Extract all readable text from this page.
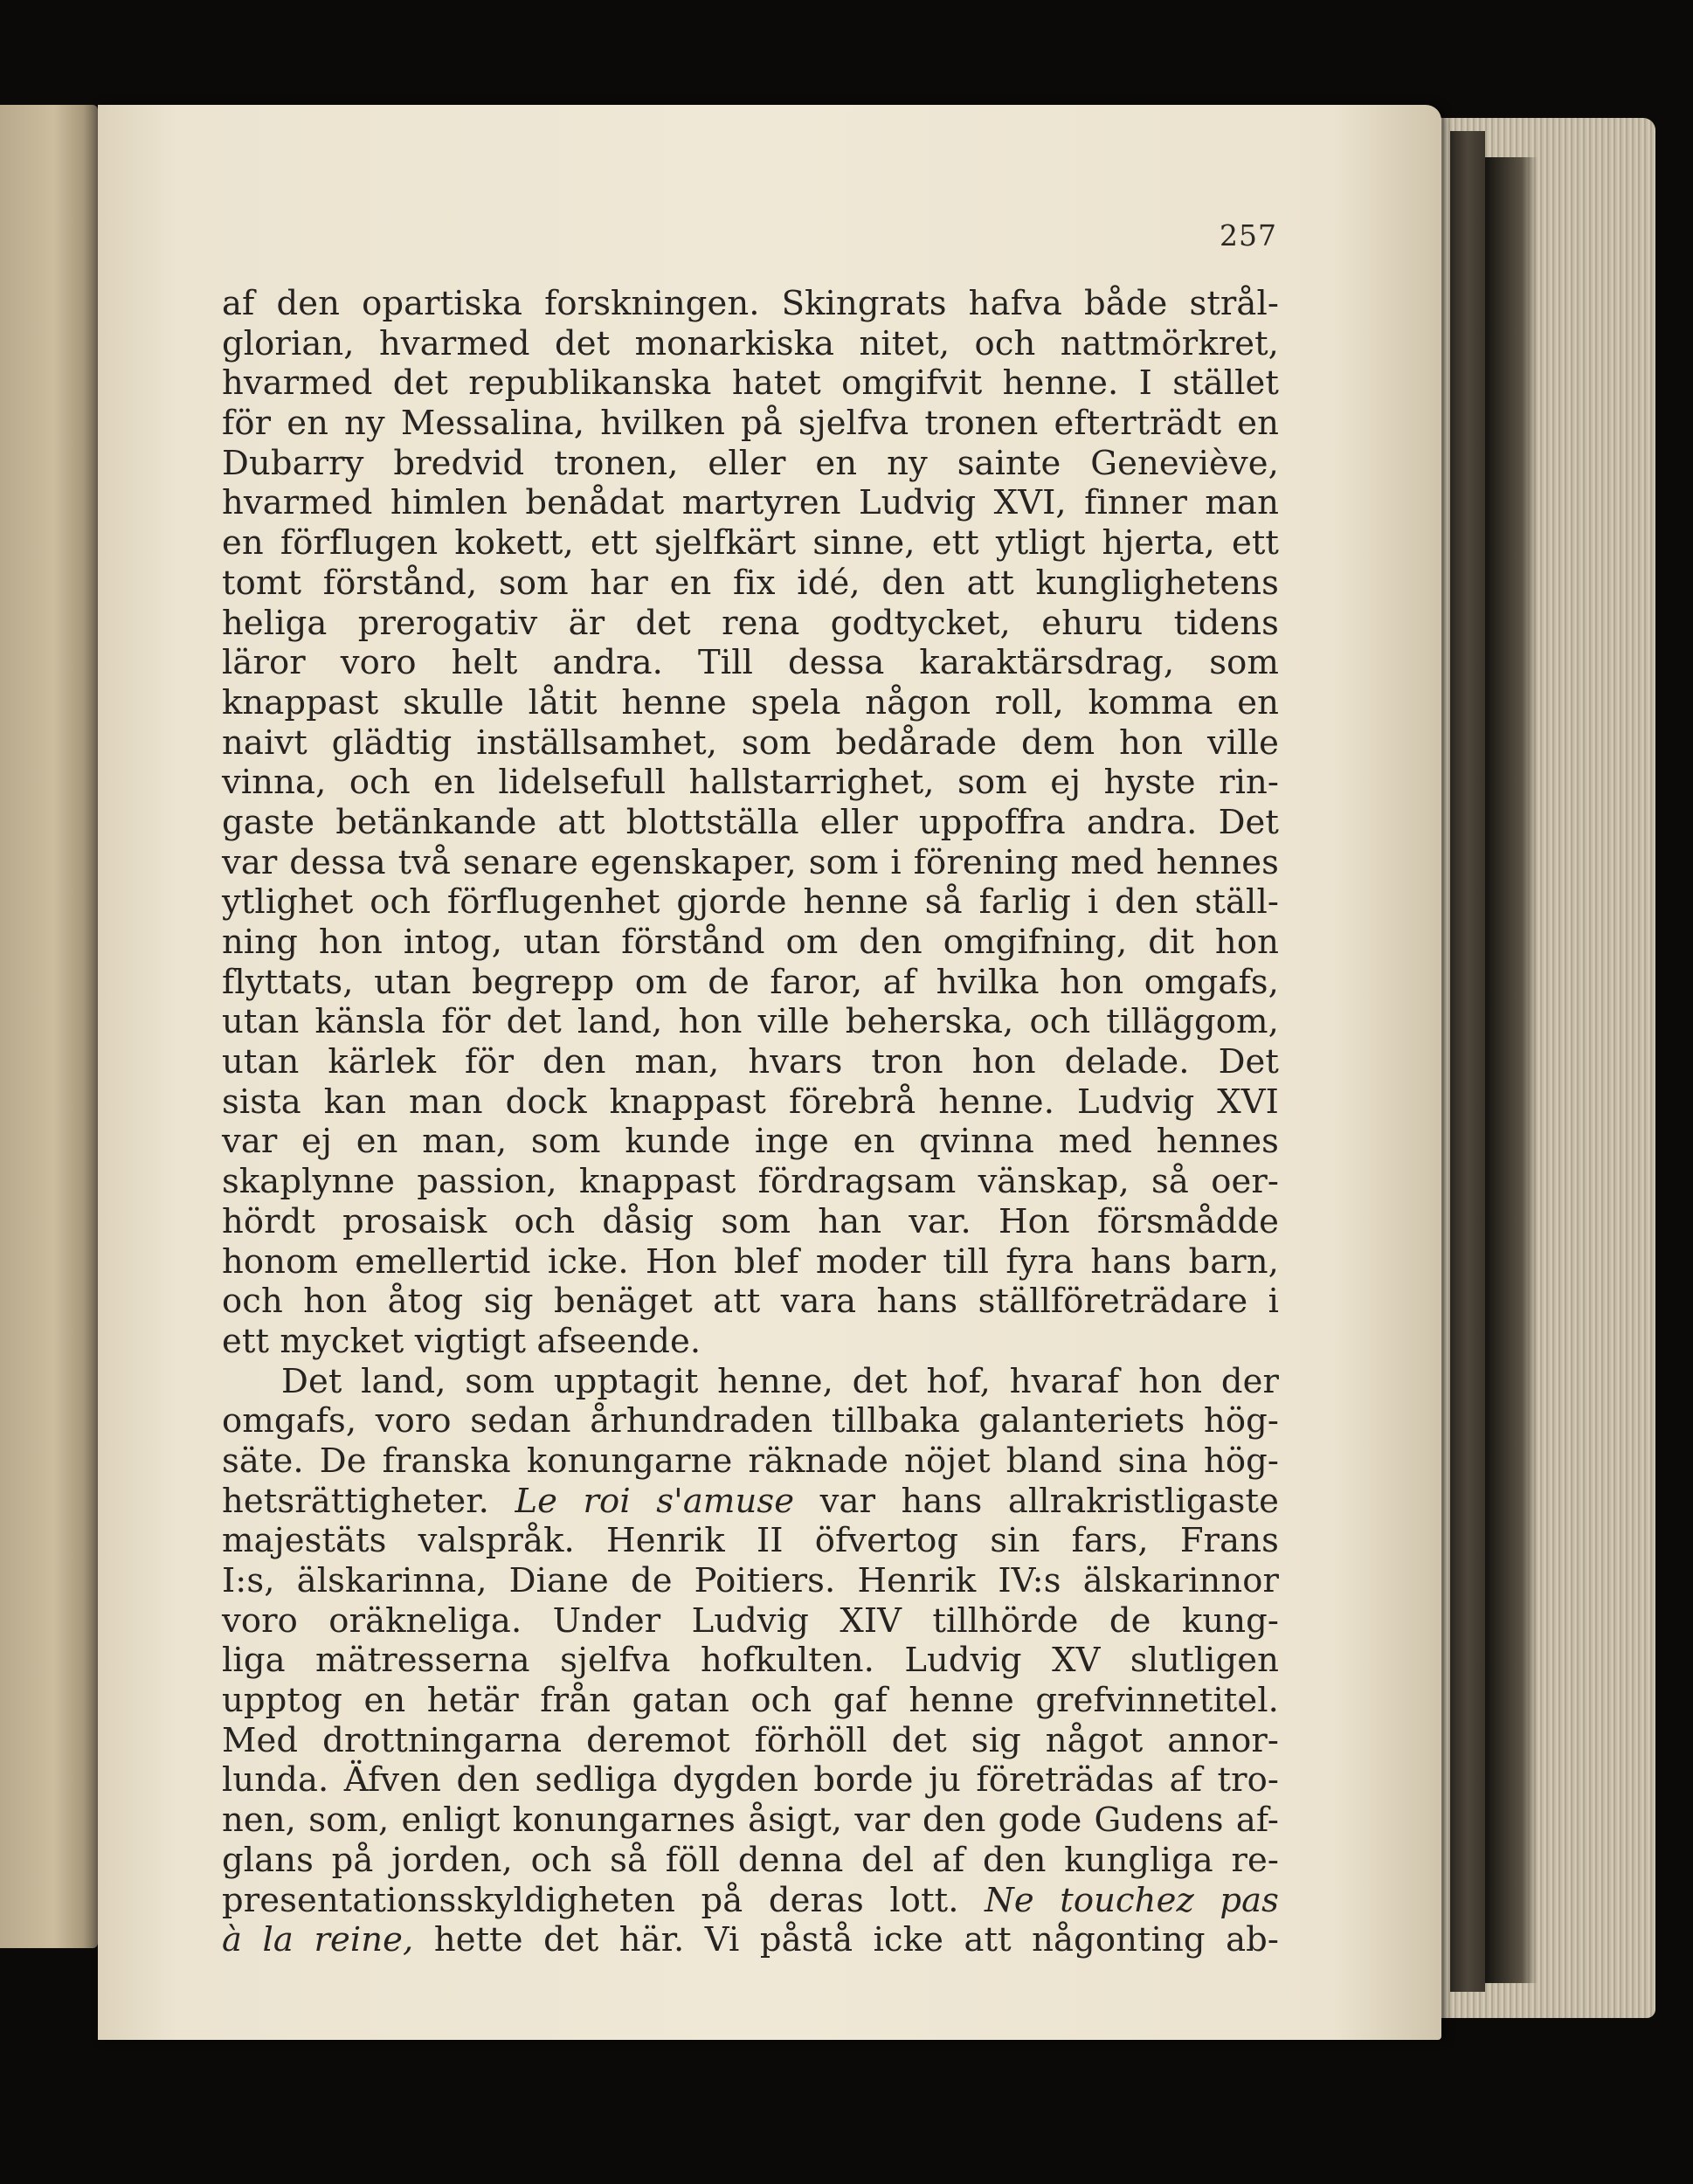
257
af den opartiska forskningen. Skingrats hafva både strål-
glorian, hvarmed det monarkiska nitet, och nattmörkret,
hvarmed det republikanska hatet omgifvit henne. I stället
för en ny Messalina, hvilken på sjelfva tronen efterträdt en
Dubarry bredvid tronen, eller en ny sainte Geneviève,
hvarmed himlen benådat martyren Ludvig XVI, finner man
en förflugen kokett, ett sjelfkärt sinne, ett ytligt hjerta, ett
tomt förstånd, som har en fix idé, den att kunglighetens
heliga prerogativ är det rena godtycket, ehuru tidens
läror voro helt andra. Till dessa karaktärsdrag, som
knappast skulle låtit henne spela någon roll, komma en
naivt glädtig inställsamhet, som bedårade dem hon ville
vinna, och en lidelsefull hallstarrighet, som ej hyste rin-
gaste betänkande att blottställa eller uppoffra andra. Det
var dessa två senare egenskaper, som i förening med hennes
ytlighet och förflugenhet gjorde henne så farlig i den ställ-
ning hon intog, utan förstånd om den omgifning, dit hon
flyttats, utan begrepp om de faror, af hvilka hon omgafs,
utan känsla för det land, hon ville beherska, och tilläggom,
utan kärlek för den man, hvars tron hon delade. Det
sista kan man dock knappast förebrå henne. Ludvig XVI
var ej en man, som kunde inge en qvinna med hennes
skaplynne passion, knappast fördragsam vänskap, så oer-
hördt prosaisk och dåsig som han var. Hon försmådde
honom emellertid icke. Hon blef moder till fyra hans barn,
och hon åtog sig benäget att vara hans ställföreträdare i
ett mycket vigtigt afseende.
Det land, som upptagit henne, det hof, hvaraf hon der
omgafs, voro sedan århundraden tillbaka galanteriets hög-
säte. De franska konungarne räknade nöjet bland sina hög-
hetsrättigheter. Le roi s'amuse var hans allrakristligaste
majestäts valspråk. Henrik II öfvertog sin fars, Frans
I:s, älskarinna, Diane de Poitiers. Henrik IV:s älskarinnor
voro oräkneliga. Under Ludvig XIV tillhörde de kung-
liga mätresserna sjelfva hofkulten. Ludvig XV slutligen
upptog en hetär från gatan och gaf henne grefvinnetitel.
Med drottningarna deremot förhöll det sig något annor-
lunda. Äfven den sedliga dygden borde ju företrädas af tro-
nen, som, enligt konungarnes åsigt, var den gode Gudens af-
glans på jorden, och så föll denna del af den kungliga re-
presentationsskyldigheten på deras lott. Ne touchez pas
à la reine, hette det här. Vi påstå icke att någonting ab-
